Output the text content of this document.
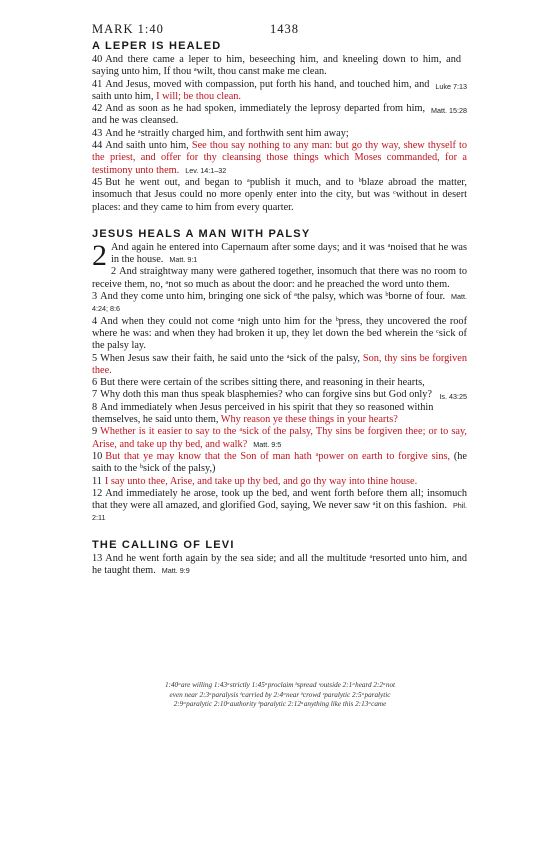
MARK 1:40	1438
A LEPER IS HEALED

40 And there came a leper to him, beseeching him, and kneeling down to him, and saying unto him, If thou ᵃwilt, thou canst make me clean.

Luke 7:13
41 And Jesus, moved with compassion, put forth his hand, and touched him, and saith unto him, I will; be thou clean.

Matt. 15:28
42 And as soon as he had spoken, immediately the leprosy departed from him, and he was cleansed.

43 And he ᵃstraitly charged him, and forthwith sent him away;

44 And saith unto him, See thou say nothing to any man: but go thy way, shew thyself to the priest, and offer for thy cleansing those things which Moses commanded, for a testimony unto them. Lev. 14:1–32

45 But he went out, and began to ᵃpublish it much, and to ᵇblaze abroad the matter, insomuch that Jesus could no more openly enter into the city, but was ᶜwithout in desert places: and they came to him from every quarter.

JESUS HEALS A MAN WITH PALSY

2 And again he entered into Capernaum after some days; and it was ᵃnoised that he was in the house. Matt. 9:1

2 And straightway many were gathered together, insomuch that there was no room to receive them, no, ᵃnot so much as about the door: and he preached the word unto them.

3 And they come unto him, bringing one sick of ᵃthe palsy, which was ᵇborne of four. Matt. 4:24; 8:6

4 And when they could not come ᵃnigh unto him for the ᵇpress, they uncovered the roof where he was: and when they had broken it up, they let down the bed wherein the ᶜsick of the palsy lay.

5 When Jesus saw their faith, he said unto the ᵃsick of the palsy, Son, thy sins be forgiven thee.

6 But there were certain of the scribes sitting there, and reasoning in their hearts,

Is. 43:25
7 Why doth this man thus speak blasphemies? who can forgive sins but God only?

8 And immediately when Jesus perceived in his spirit that they so reasoned within themselves, he said unto them, Why reason ye these things in your hearts?

9 Whether is it easier to say to the ᵃsick of the palsy, Thy sins be forgiven thee; or to say, Arise, and take up thy bed, and walk? Matt. 9:5

10 But that ye may know that the Son of man hath ᵃpower on earth to forgive sins, (he saith to the ᵇsick of the palsy,)

11 I say unto thee, Arise, and take up thy bed, and go thy way into thine house.

12 And immediately he arose, took up the bed, and went forth before them all; insomuch that they were all amazed, and glorified God, saying, We never saw ᵃit on this fashion. Phil. 2:11

THE CALLING OF LEVI

13 And he went forth again by the sea side; and all the multitude ᵃresorted unto him, and he taught them. Matt. 9:9

1:40ᵃare willing 1:43ᵃstrictly 1:45ᵃproclaim ᵇspread ᶜoutside 2:1ᵃheard 2:2ᵃnot
even near 2:3ᵃparalysis ᵇcarried by 2:4ᵃnear ᵇcrowd ᶜparalytic 2:5ᵃparalytic
2:9ᵃparalytic 2:10ᵃauthority ᵇparalytic 2:12ᵃanything like this 2:13ᵃcame
